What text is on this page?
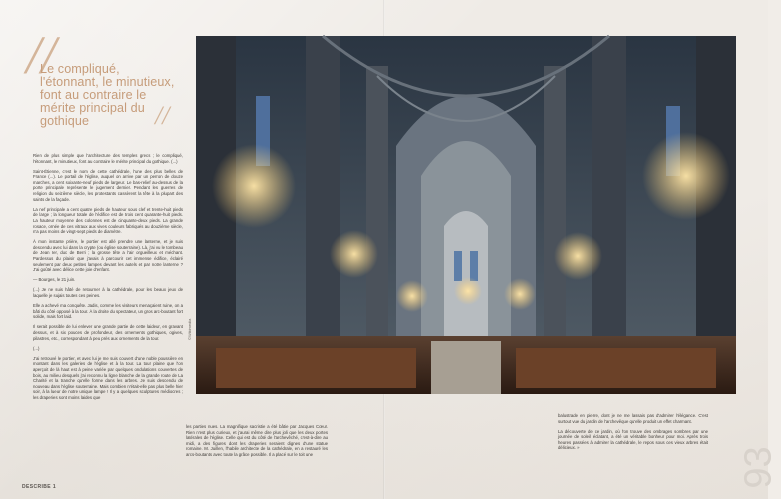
//
Le compliqué, l'étonnant, le minutieux, font au contraire le mérite principal du gothique	//

Rien de plus simple que l'architecture des temples grecs ; le compliqué, l'étonnant, le minutieux, font au contraire le mérite principal du gothique. (...)

Saint-Étienne, c'est le nom de cette cathédrale, l'une des plus belles de France (...). Le portail de l'église, auquel on arrive par un perron de douze marches, a cent soixante-neuf pieds de largeur. Le bas-relief au-dessus de la porte principale représente le jugement dernier. Pendant les guerres de religion du seizième siècle, les protestants cassèrent la tête à la plupart des saints de la façade.

La nef principale a cent quatre pieds de hauteur sous clef et trente-huit pieds de large ; la longueur totale de l'édifice est de trois cent quarante-huit pieds. La hauteur moyenne des colonnes est de cinquante-deux pieds. La grande rosace, ornée de ces vitraux aux vives couleurs fabriqués au douzième siècle, n'a pas moins de vingt-sept pieds de diamètre.

À mon instante prière, le portier est allé prendre une lanterne, et je suis descendu avec lui dans la crypte (ou église souterraine). Là, j'ai vu le tombeau de Jean Ier, duc de Berri ; la grosse tête a l'air orgueilleux et méchant. Pardessus du plaisir que j'avais à parcourir cet immense édifice, éclairé seulement par deux petites lampes devant les autels et par notre lanterne ? J'ai goûté avec délice cette joie d'enfant.

— Bourges, le 21 juin.

(...) Je ne suis hâté de retourner à la cathédrale, pour les beaux jeux de laquelle je sujais toutes ces peines.

Elle a achevé ma conquête. Jadis, comme les visiteurs menaçaient ruine, on a bâti du côté opposé à la tour. À la droite du spectateur, un gros arc-boutant fort solide, mais fort laid.

Il serait possible de lui enlever une grande partie de cette laideur, en gravant dessus, et à six pouces de profondeur, des ornements gothiques, ogives, pilastres, etc., correspondant à peu près aux ornements de la tour.

(...)

J'ai retrouvé le portier, et avec lui je me suis couvert d'une noble poussière en montant dans les galeries de l'église et à la tour. La tour plaine que l'on aperçoit de là haut est à peine variée par quelques ondulations couvertes de bois, au milieu desquels j'ai reconnu la ligne blanche de la grande route de La Charité et la tranche qu'elle forme dans les arbres. Je suis descendu de nouveau dans l'église souterraine. Mais combien n'était-elle pas plus belle hier soir, à la lueur de notre unique lampe ! Il y a quelques sculptures médiocres ; les draperies sont moins laides que

©Wikimedia

les parties nues. La magnifique sacristie a été bâtie par Jacques Cœur. Rien n'est plus curieux, et j'aurai même dire plus joli que les deux portes latérales de l'église. Celle qui est du côté de l'archevêché, c'est-à-dire au midi, a des figures dont les draperies seraient dignes d'une statue romaine. M. Juillen, l'habile architecte de la cathédrale, en a restauré les arcs-boutants avec toute la grâce possible. Il a placé sur le toit une

balustrade en pierre, dont je ne me lassais pas d'admirer l'élégance. C'est surtout vue du jardin de l'archevêque qu'elle produit un effet charmant.

La découverte de ce jardin, où l'on trouve des ombrages sombres par une journée de soleil éclatant, a été un véritable bonheur pour moi. Après trois heures passées à admirer la cathédrale, le repos sous ces vieux arbres était délicieux. »

DESCRIBE 1	93
